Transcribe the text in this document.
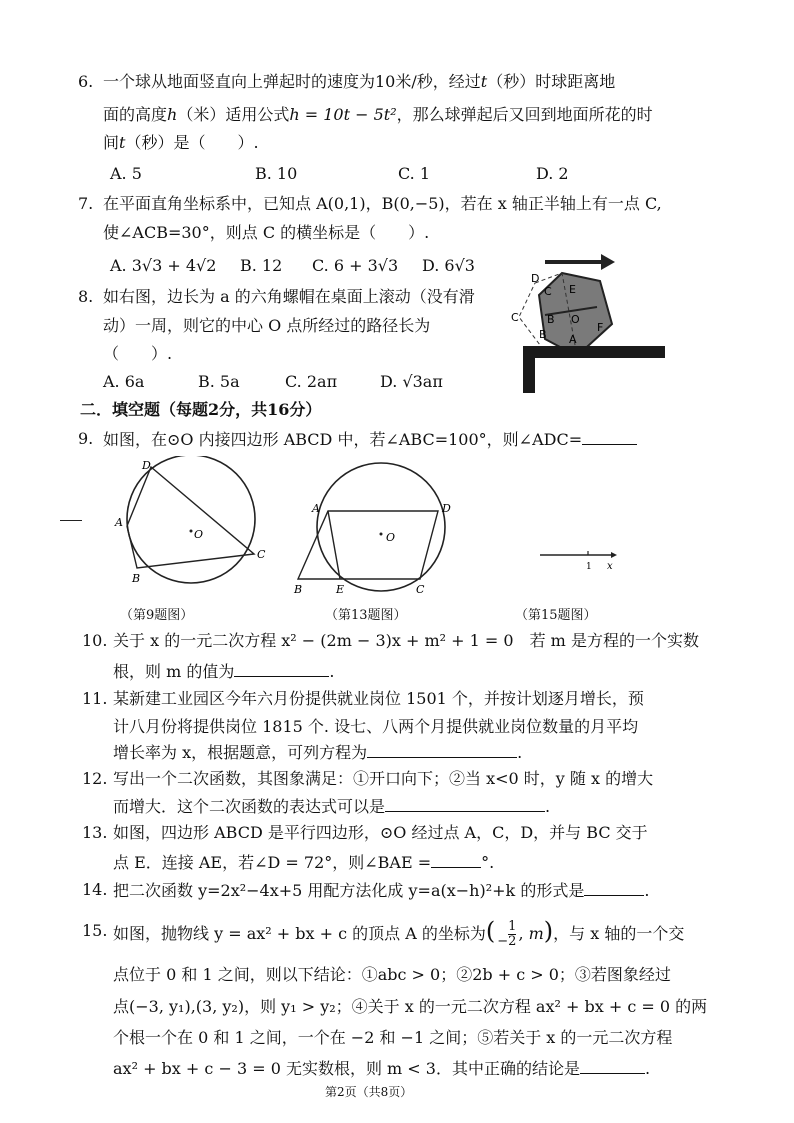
6. 一个球从地面竖直向上弹起时的速度为10米/秒，经过t（秒）时球距离地
面的高度h（米）适用公式h = 10t − 5t²，那么球弹起后又回到地面所花的时
间t（秒）是（　　）.
A. 5	B. 10	C. 1	D. 2
7. 在平面直角坐标系中，已知点 A(0,1)，B(0,−5)，若在 x 轴正半轴上有一点 C,
使∠ACB=30°，则点 C 的横坐标是（　　）.
A. 3√3 + 4√2 B. 12 C. 6 + 3√3 D. 6√3
8. 如右图，边长为 a 的六角螺帽在桌面上滚动（没有滑
动）一周，则它的中心 O 点所经过的路径长为
（　　）.
A. 6a	B. 5a	C. 2aπ	D. √3aπ
D
C E
B O
F
A
C
B
二．填空题（每题2分，共16分）
9. 如图，在⊙O 内接四边形 ABCD 中，若∠ABC=100°，则∠ADC=
D
A
O
B
C
A	D
O
B	E	C
1 x
（第9题图）	（第13题图）	（第15题图）
10. 关于 x 的一元二次方程 x² − (2m − 3)x + m² + 1 = 0　若 m 是方程的一个实数
根，则 m 的值为	.
11. 某新建工业园区今年六月份提供就业岗位 1501 个，并按计划逐月增长，预
计八月份将提供岗位 1815 个. 设七、八两个月提供就业岗位数量的月平均
增长率为 x，根据题意，可列方程为	.
12. 写出一个二次函数，其图象满足：①开口向下；②当 x<0 时，y 随 x 的增大
而增大．这个二次函数的表达式可以是	.
13. 如图，四边形 ABCD 是平行四边形，⊙O 经过点 A，C，D，并与 BC 交于
点 E．连接 AE，若∠D = 72°，则∠BAE =	°.
14. 把二次函数 y=2x²−4x+5 用配方法化成 y=a(x−h)²+k 的形式是	.
15. 如图，抛物线 y = ax² + bx + c 的顶点 A 的坐标为( − $\frac{1}{2}$ , m)，与 x 轴的一个交
点位于 0 和 1 之间，则以下结论：①abc > 0；②2b + c > 0；③若图象经过
点(−3, y₁),(3, y₂)，则 y₁ > y₂；④关于 x 的一元二次方程 ax² + bx + c = 0 的两
个根一个在 0 和 1 之间，一个在 −2 和 −1 之间；⑤若关于 x 的一元二次方程
ax² + bx + c − 3 = 0 无实数根，则 m < 3．其中正确的结论是	.
第2页（共8页）
